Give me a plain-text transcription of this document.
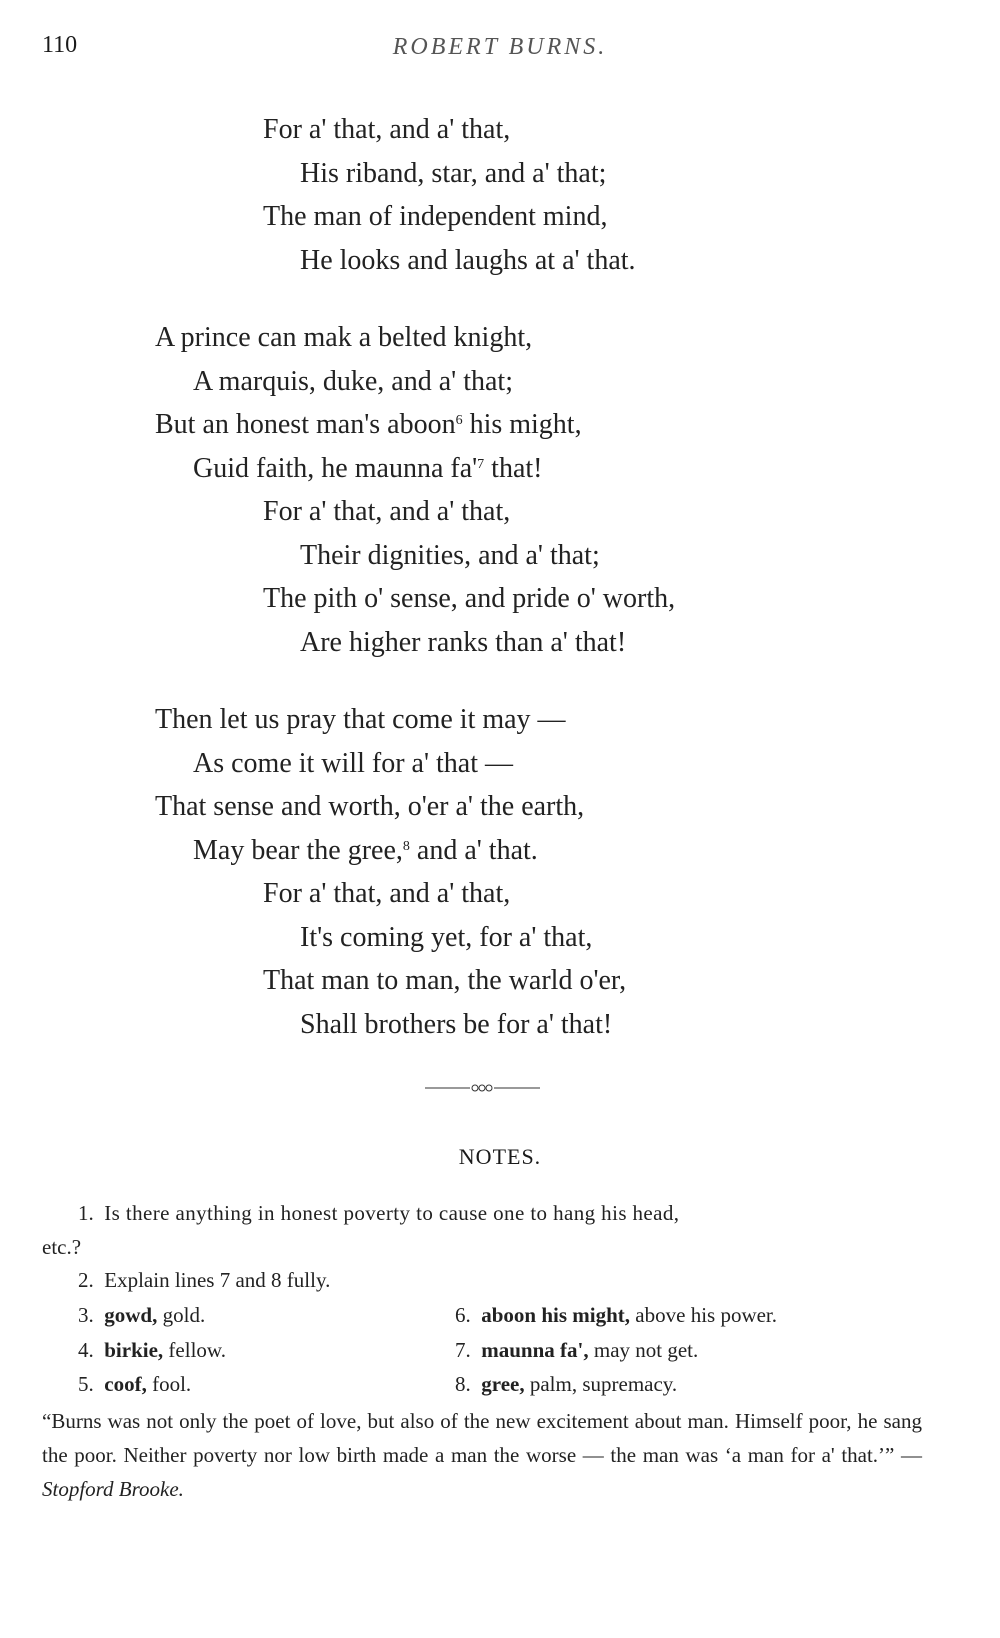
110	ROBERT BURNS.
For a' that, and a' that,
His riband, star, and a' that;
The man of independent mind,
He looks and laughs at a' that.
A prince can mak a belted knight,
A marquis, duke, and a' that;
But an honest man's aboon$^6$ his might,
Guid faith, he maunna $fa'^7$ that!
For a' that, and a' that,
Their dignities, and a' that;
The pith o' sense, and pride o' worth,
Are higher ranks than a' that!
Then let us pray that come it may —
As come it will for a' that —
That sense and worth, o'er a' the earth,
May bear the gree,$^8$ and a' that.
For a' that, and a' that,
It's coming yet, for a' that,
That man to man, the warld o'er,
Shall brothers be for a' that!
NOTES.
1. Is there anything in honest poverty to cause one to hang his head,
etc.?
2. Explain lines 7 and 8 fully.
3. gowd, gold.
4. birkie, fellow.
5. coof, fool.
6. aboon his might, above his power.
7. maunna fa', may not get.
8. gree, palm, supremacy.
“Burns was not only the poet of love, but also of the new excitement about man. Himself poor, he sang the poor. Neither poverty nor low birth made a man the worse — the man was ‘a man for a' that.’” — Stopford Brooke.
